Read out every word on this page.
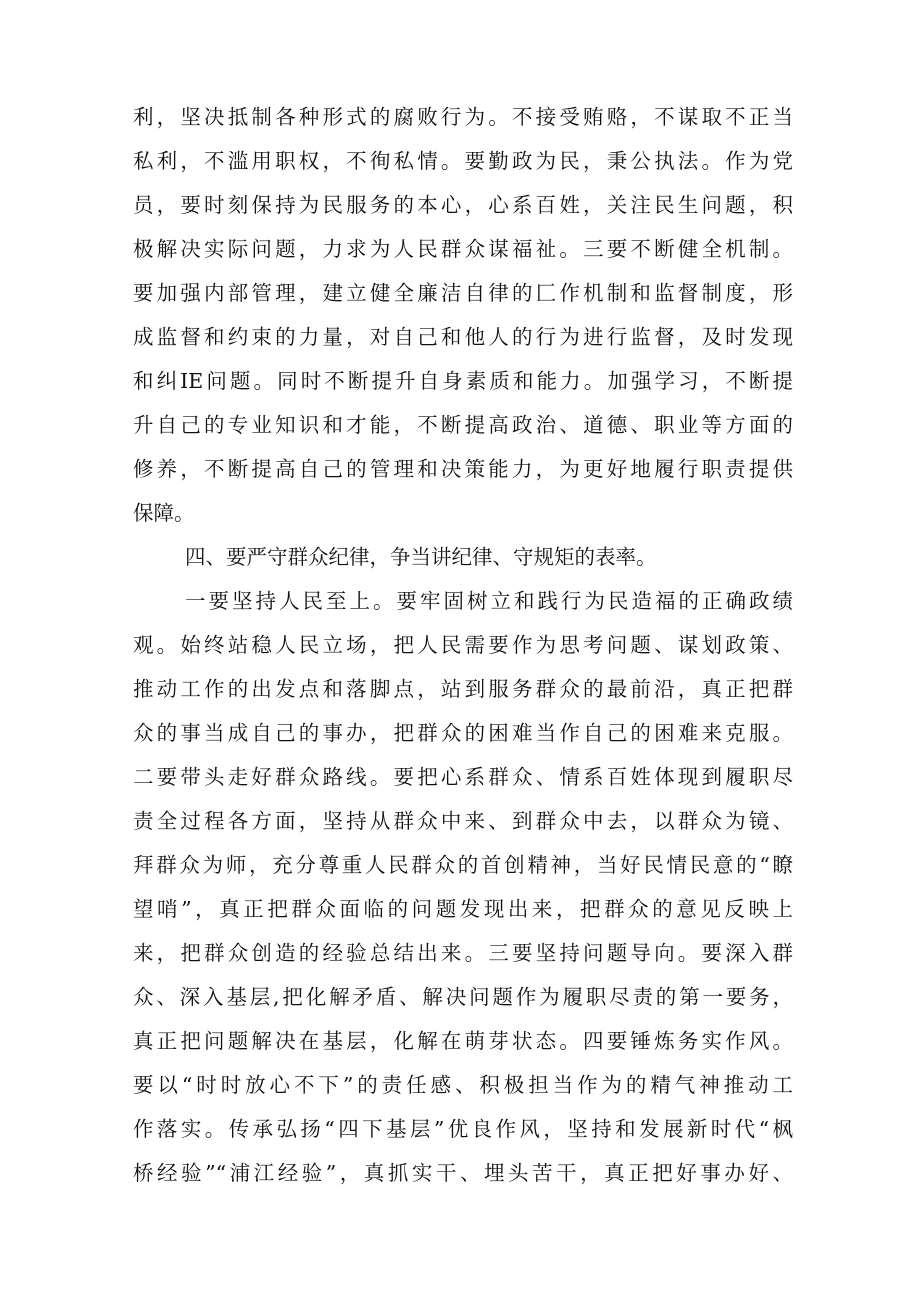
利，坚决抵制各种形式的腐败行为。不接受贿赂，不谋取不正当
私利，不滥用职权，不徇私情。要勤政为民，秉公执法。作为党
员，要时刻保持为民服务的本心，心系百姓，关注民生问题，积
极解决实际问题，力求为人民群众谋福祉。三要不断健全机制。
要加强内部管理，建立健全廉洁自律的匚作机制和监督制度，形
成监督和约束的力量，对自己和他人的行为进行监督，及时发现
和纠IE问题。同时不断提升自身素质和能力。加强学习，不断提
升自己的专业知识和才能，不断提高政治、道德、职业等方面的
修养，不断提高自己的管理和决策能力，为更好地履行职责提供
保障。
四、要严守群众纪律，争当讲纪律、守规矩的表率。
一要坚持人民至上。要牢固树立和践行为民造福的正确政绩
观。始终站稳人民立场，把人民需要作为思考问题、谋划政策、
推动工作的出发点和落脚点，站到服务群众的最前沿，真正把群
众的事当成自己的事办，把群众的困难当作自己的困难来克服。
二要带头走好群众路线。要把心系群众、情系百姓体现到履职尽
责全过程各方面，坚持从群众中来、到群众中去，以群众为镜、
拜群众为师，充分尊重人民群众的首创精神，当好民情民意的“瞭
望哨”，真正把群众面临的问题发现出来，把群众的意见反映上
来，把群众创造的经验总结出来。三要坚持问题导向。要深入群
众、深入基层,把化解矛盾、解决问题作为履职尽责的第一要务，
真正把问题解决在基层，化解在萌芽状态。四要锤炼务实作风。
要以“时时放心不下”的责任感、积极担当作为的精气神推动工
作落实。传承弘扬“四下基层”优良作风，坚持和发展新时代“枫
桥经验”“浦江经验”，真抓实干、埋头苦干，真正把好事办好、
